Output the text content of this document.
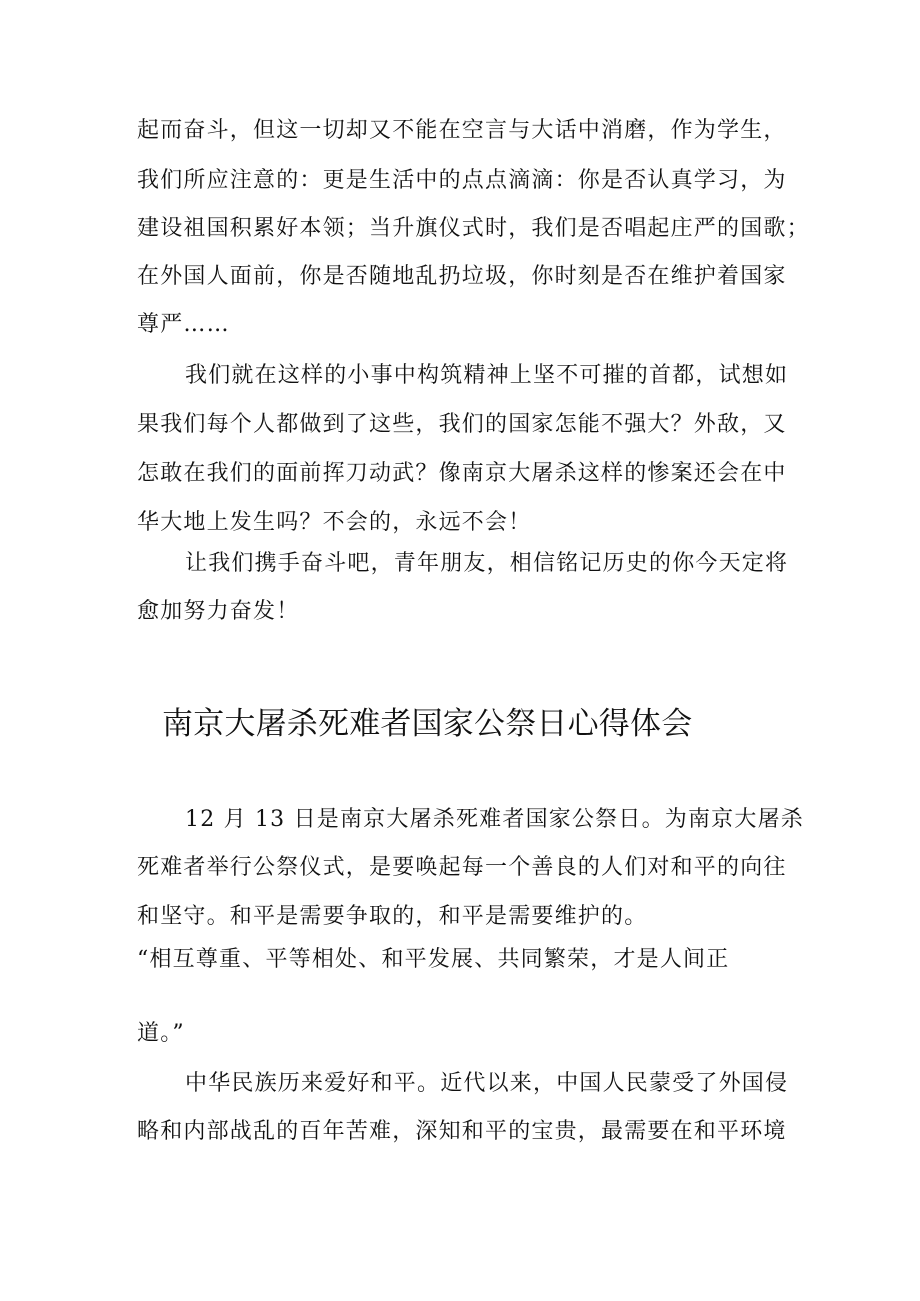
起而奋斗，但这一切却又不能在空言与大话中消磨，作为学生，
我们所应注意的：更是生活中的点点滴滴：你是否认真学习，为
建设祖国积累好本领；当升旗仪式时，我们是否唱起庄严的国歌；
在外国人面前，你是否随地乱扔垃圾，你时刻是否在维护着国家
尊严……
我们就在这样的小事中构筑精神上坚不可摧的首都，试想如
果我们每个人都做到了这些，我们的国家怎能不强大？外敌，又
怎敢在我们的面前挥刀动武？像南京大屠杀这样的惨案还会在中
华大地上发生吗？不会的，永远不会！
让我们携手奋斗吧，青年朋友，相信铭记历史的你今天定将
愈加努力奋发！
南京大屠杀死难者国家公祭日心得体会
12 月 13 日是南京大屠杀死难者国家公祭日。为南京大屠杀
死难者举行公祭仪式，是要唤起每一个善良的人们对和平的向往
和坚守。和平是需要争取的，和平是需要维护的。
“相互尊重、平等相处、和平发展、共同繁荣，才是人间正
道。”
中华民族历来爱好和平。近代以来，中国人民蒙受了外国侵
略和内部战乱的百年苦难，深知和平的宝贵，最需要在和平环境
